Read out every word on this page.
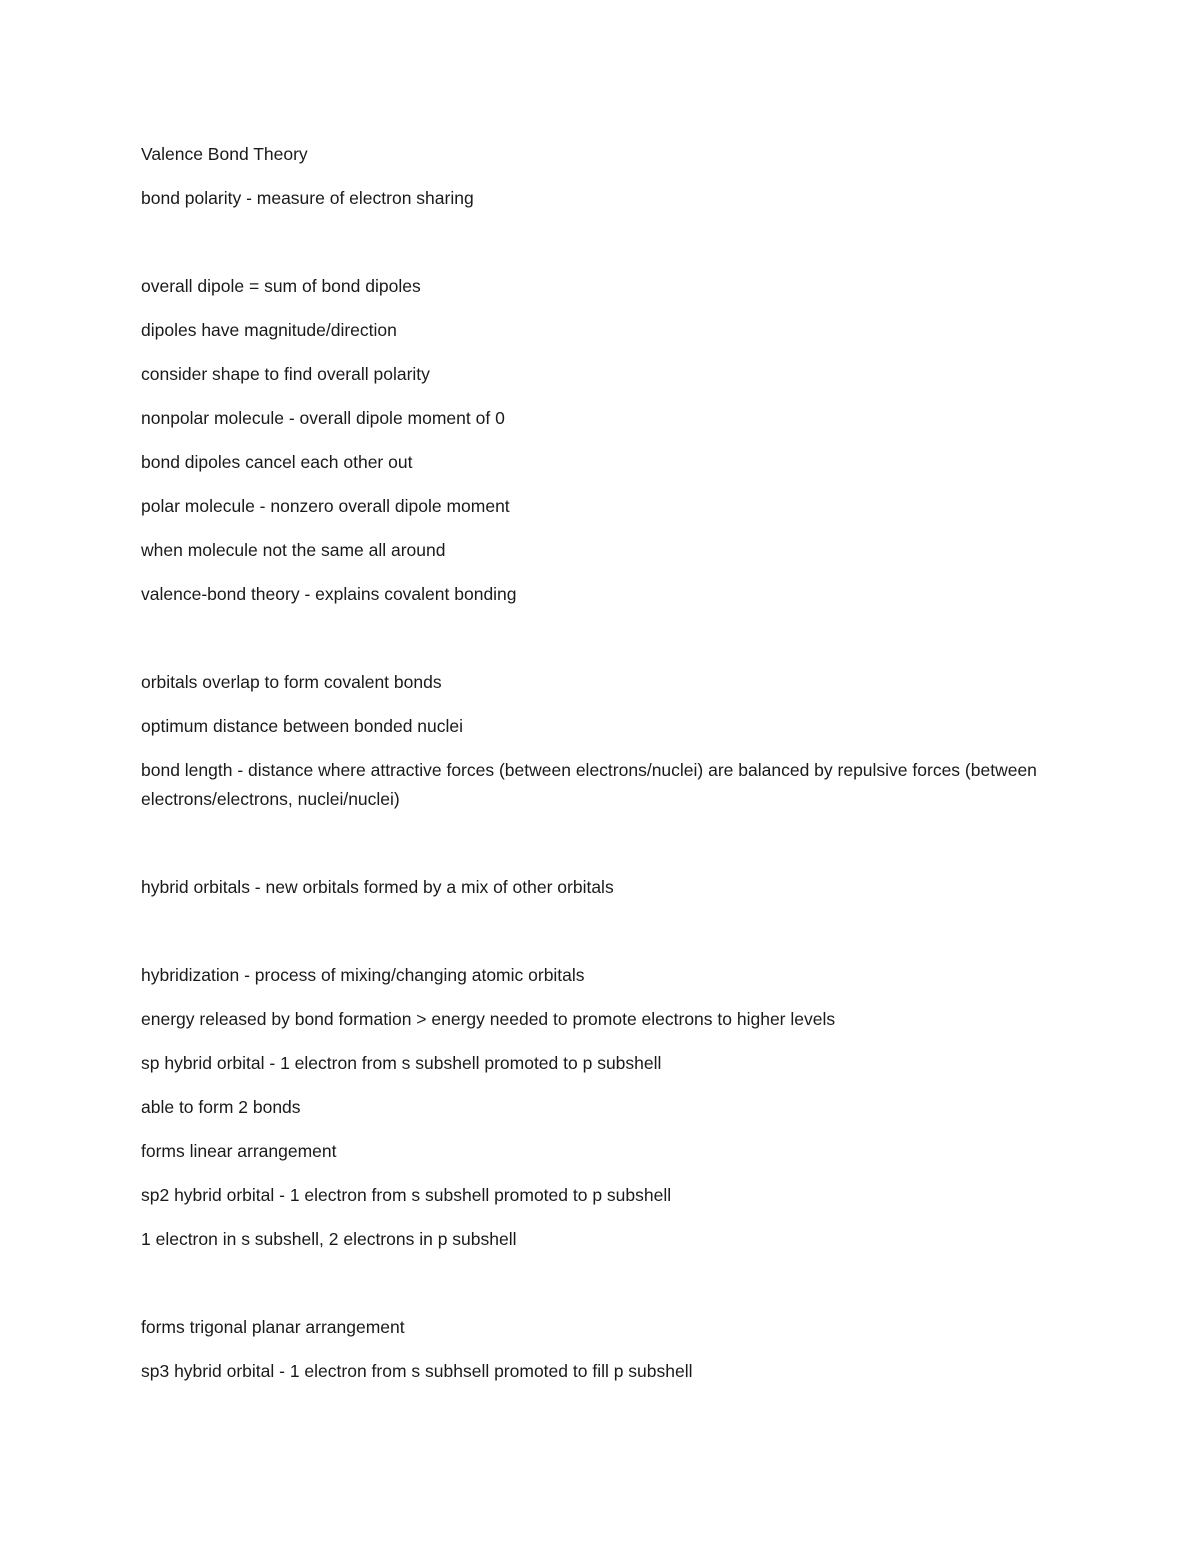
Valence Bond Theory

bond polarity - measure of electron sharing

overall dipole = sum of bond dipoles

dipoles have magnitude/direction

consider shape to find overall polarity

nonpolar molecule - overall dipole moment of 0

bond dipoles cancel each other out

polar molecule - nonzero overall dipole moment

when molecule not the same all around

valence-bond theory - explains covalent bonding

orbitals overlap to form covalent bonds

optimum distance between bonded nuclei

bond length - distance where attractive forces (between electrons/nuclei) are balanced by repulsive forces (between electrons/electrons, nuclei/nuclei)

hybrid orbitals - new orbitals formed by a mix of other orbitals

hybridization - process of mixing/changing atomic orbitals

energy released by bond formation > energy needed to promote electrons to higher levels

sp hybrid orbital - 1 electron from s subshell promoted to p subshell

able to form 2 bonds

forms linear arrangement

sp2 hybrid orbital - 1 electron from s subshell promoted to p subshell

1 electron in s subshell, 2 electrons in p subshell

forms trigonal planar arrangement

sp3 hybrid orbital - 1 electron from s subhsell promoted to fill p subshell
